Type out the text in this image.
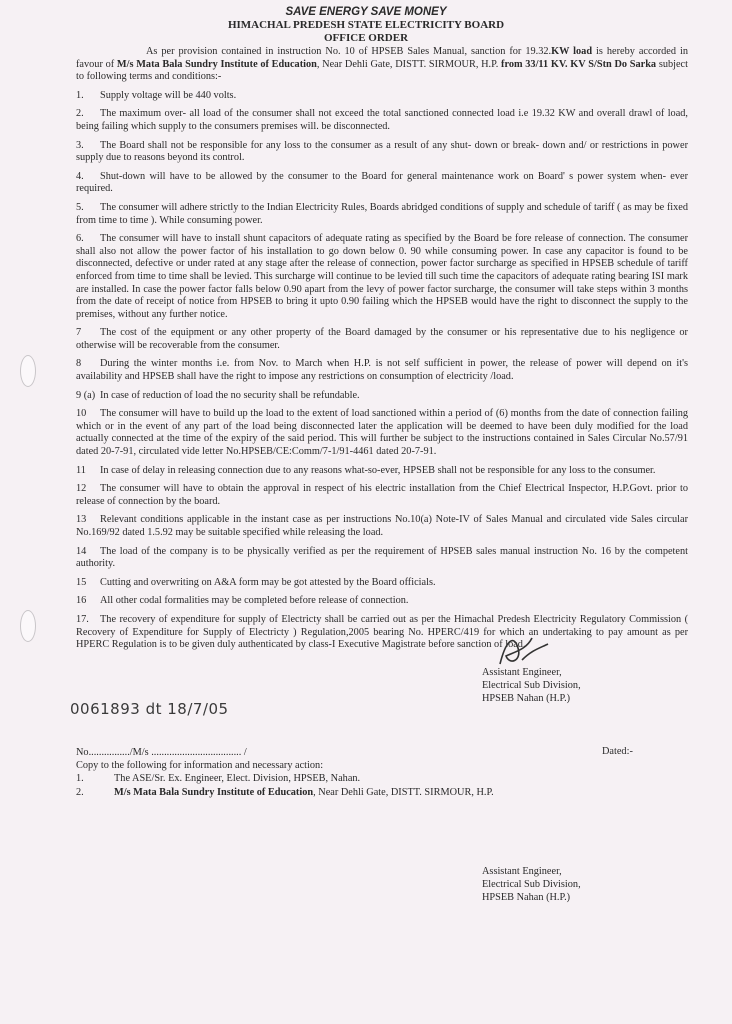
SAVE ENERGY SAVE MONEY
HIMACHAL PREDESH STATE ELECTRICITY BOARD
OFFICE ORDER

As per provision contained in instruction No. 10 of HPSEB Sales Manual, sanction for 19.32.KW load is hereby accorded in favour of M/s Mata Bala Sundry Institute of Education, Near Dehli Gate, DISTT. SIRMOUR, H.P. from 33/11 KV. KV S/Stn Do Sarka subject to following terms and conditions:-

1. Supply voltage will be 440 volts.

2. The maximum over- all load of the consumer shall not exceed the total sanctioned connected load i.e 19.32 KW and overall drawl of load, being failing which supply to the consumers premises will. be disconnected.

3. The Board shall not be responsible for any loss to the consumer as a result of any shut- down or break- down and/ or restrictions in power supply due to reasons beyond its control.

4. Shut-down will have to be allowed by the consumer to the Board for general maintenance work on Board' s power system when- ever required.

5. The consumer will adhere strictly to the Indian Electricity Rules, Boards abridged conditions of supply and schedule of tariff ( as may be fixed from time to time ). While consuming power.

6. The consumer will have to install shunt capacitors of adequate rating as specified by the Board be fore release of connection. The consumer shall also not allow the power factor of his installation to go down below 0. 90 while consuming power. In case any capacitor is found to be disconnected, defective or under rated at any stage after the release of connection, power factor surcharge as specified in HPSEB schedule of tariff enforced from time to time shall be levied. This surcharge will continue to be levied till such time the capacitors of adequate rating bearing ISI mark are installed. In case the power factor falls below 0.90 apart from the levy of power factor surcharge, the consumer will take steps within 3 months from the date of receipt of notice from HPSEB to bring it upto 0.90 failing which the HPSEB would have the right to disconnect the supply to the premises, without any further notice.

7 The cost of the equipment or any other property of the Board damaged by the consumer or his representative due to his negligence or otherwise will be recoverable from the consumer.

8 During the winter months i.e. from Nov. to March when H.P. is not self sufficient in power, the release of power will depend on it's availability and HPSEB shall have the right to impose any restrictions on consumption of electricity /load.

9 (a) In case of reduction of load the no security shall be refundable.

10 The consumer will have to build up the load to the extent of load sanctioned within a period of (6) months from the date of connection failing which or in the event of any part of the load being disconnected later the application will be deemed to have been duly modified for the load actually connected at the time of the expiry of the said period. This will further be subject to the instructions contained in Sales Circular No.57/91 dated 20-7-91, circulated vide letter No.HPSEB/CE:Comm/7-1/91-4461 dated 20-7-91.

11 In case of delay in releasing connection due to any reasons what-so-ever, HPSEB shall not be responsible for any loss to the consumer.

12 The consumer will have to obtain the approval in respect of his electric installation from the Chief Electrical Inspector, H.P.Govt. prior to release of connection by the board.

13 Relevant conditions applicable in the instant case as per instructions No.10(a) Note-IV of Sales Manual and circulated vide Sales circular No.169/92 dated 1.5.92 may be suitable specified while releasing the load.

14 The load of the company is to be physically verified as per the requirement of HPSEB sales manual instruction No. 16 by the competent authority.

15 Cutting and overwriting on A&A form may be got attested by the Board officials.

16 All other codal formalities may be completed before release of connection.

17. The recovery of expenditure for supply of Electricty shall be carried out as per the Himachal Predesh Electricity Regulatory Commission ( Recovery of Expenditure for Supply of Electricty ) Regulation,2005 bearing No. HPERC/419 for which an undertaking to pay amount as per HPERC Regulation is to be given duly authenticated by class-I Executive Magistrate before sanction of load.

Assistant Engineer,
Electrical Sub Division,
HPSEB Nahan (H.P.)
0061893 dt 18/7/05
No................/M/s ................................... /
Copy to the following for information and necessary action:
1.	The ASE/Sr. Ex. Engineer, Elect. Division, HPSEB, Nahan.
2.	M/s Mata Bala Sundry Institute of Education, Near Dehli Gate, DISTT. SIRMOUR, H.P.
Dated:-
Assistant Engineer,
Electrical Sub Division,
HPSEB Nahan (H.P.)
